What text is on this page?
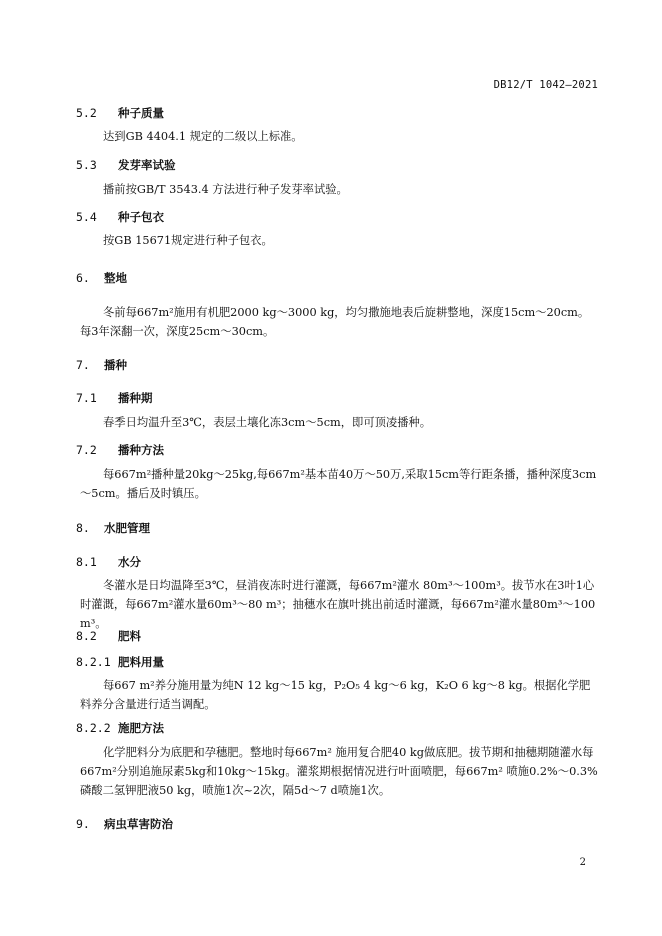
DB12/T 1042—2021
5.2 种子质量
达到GB 4404.1 规定的二级以上标准。
5.3 发芽率试验
播前按GB/T 3543.4 方法进行种子发芽率试验。
5.4 种子包衣
按GB 15671规定进行种子包衣。
6. 整地
冬前每667m²施用有机肥2000 kg～3000 kg，均匀撒施地表后旋耕整地，深度15cm～20cm。每3年深翻一次，深度25cm～30cm。
7. 播种
7.1 播种期
春季日均温升至3℃，表层土壤化冻3cm～5cm，即可顶凌播种。
7.2 播种方法
每667m²播种量20kg～25kg,每667m²基本苗40万～50万,采取15cm等行距条播，播种深度3cm～5cm。播后及时镇压。
8. 水肥管理
8.1 水分
冬灌水是日均温降至3℃，昼消夜冻时进行灌溉，每667m²灌水 80m³～100m³。拔节水在3叶1心时灌溉，每667m²灌水量60m³～80 m³；抽穗水在旗叶挑出前适时灌溉，每667m²灌水量80m³～100 m³。
8.2 肥料
8.2.1 肥料用量
每667 m²养分施用量为纯N 12 kg～15 kg，P₂O₅ 4 kg～6 kg，K₂O 6 kg～8 kg。根据化学肥料养分含量进行适当调配。
8.2.2 施肥方法
化学肥料分为底肥和孕穗肥。整地时每667m² 施用复合肥40 kg做底肥。拔节期和抽穗期随灌水每667m²分别追施尿素5kg和10kg～15kg。灌浆期根据情况进行叶面喷肥，每667m² 喷施0.2%～0.3%磷酸二氢钾肥液50 kg，喷施1次~2次，隔5d～7 d喷施1次。
9. 病虫草害防治
2
